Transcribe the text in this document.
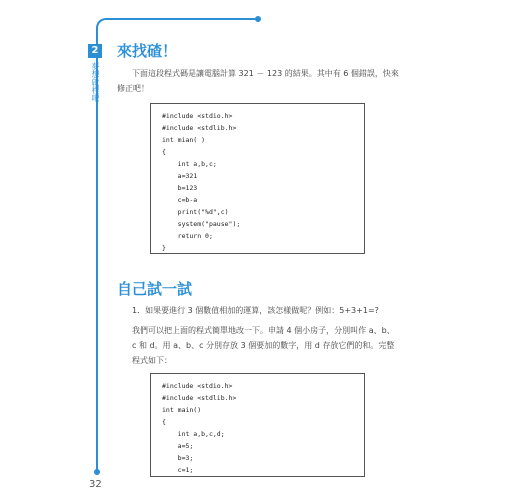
2
夢想啟程吧！
32
來找碴！
下面這段程式碼是讓電腦計算 321 － 123 的結果。其中有 6 個錯誤，快來
修正吧！
#include <stdio.h>
#include <stdlib.h>
int mian( )
{
int a,b,c;
a=321
b=123
c=b-a
print("%d",c)
system("pause");
return 0;
}
自己試一試
1．如果要進行 3 個數值相加的運算，該怎樣做呢？例如：5+3+1=?
我們可以把上面的程式簡單地改一下。申請 4 個小房子，分別叫作 a、b、
c 和 d。用 a、b、c 分別存放 3 個要加的數字，用 d 存放它們的和。完整
程式如下：
#include <stdio.h>
#include <stdlib.h>
int main()
{
int a,b,c,d;
a=5;
b=3;
c=1;
